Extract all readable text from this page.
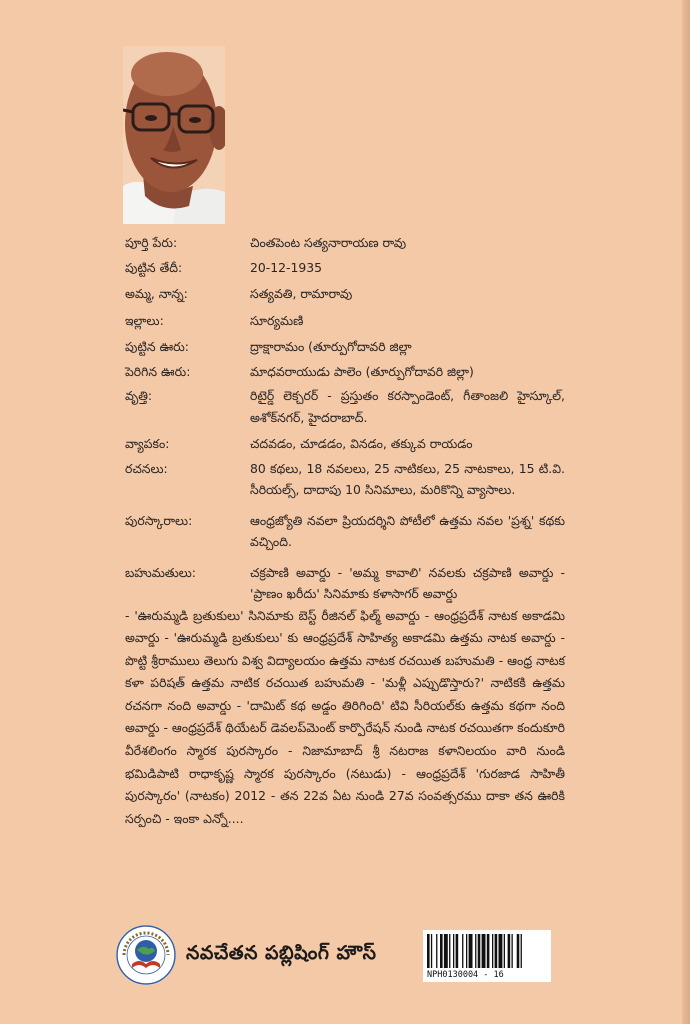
పూర్తి పేరు:	చింతపెంట సత్యనారాయణ రావు
పుట్టిన తేదీ:	20-12-1935
అమ్మ, నాన్న:	సత్యవతి, రామారావు
ఇల్లాలు:	సూర్యమణి
పుట్టిన ఊరు:	ద్రాక్షారామం (తూర్పుగోదావరి జిల్లా
పెరిగిన ఊరు:	మాధవరాయుడు పాలెం (తూర్పుగోదావరి జిల్లా)
వృత్తి:	రిటైర్డ్ లెక్చరర్ - ప్రస్తుతం కరస్పాండెంట్, గీతాంజలి హైస్కూల్, అశోక్‌నగర్, హైదరాబాద్.
వ్యాపకం:	చదవడం, చూడడం, వినడం, తక్కువ రాయడం
రచనలు:	80 కథలు, 18 నవలలు, 25 నాటికలు, 25 నాటకాలు, 15 టి.వి. సీరియల్స్, దాదాపు 10 సినిమాలు, మరికొన్ని వ్యాసాలు.
పురస్కారాలు:	ఆంధ్రజ్యోతి నవలా ప్రియదర్శిని పోటీలో ఉత్తమ నవల 'ప్రశ్న' కథకు వచ్చింది.
బహుమతులు:	చక్రపాణి అవార్డు - 'అమ్మ కావాలి' నవలకు చక్రపాణి అవార్డు - 'ప్రాణం ఖరీదు' సినిమాకు కళాసాగర్ అవార్డు
- 'ఊరుమ్మడి బ్రతుకులు' సినిమాకు బెస్ట్ రీజినల్ ఫిల్మ్ అవార్డు - ఆంధ్రప్రదేశ్ నాటక అకాడమి అవార్డు - 'ఊరుమ్మడి బ్రతుకులు' కు ఆంధ్రప్రదేశ్ సాహిత్య అకాడమి ఉత్తమ నాటక అవార్డు - పొట్టి శ్రీరాములు తెలుగు విశ్వ విద్యాలయం ఉత్తమ నాటక రచయిత బహుమతి - ఆంధ్ర నాటక కళా పరిషత్ ఉత్తమ నాటిక రచయిత బహుమతి - 'మళ్లీ ఎప్పుడొస్తారు?' నాటికకి ఉత్తమ రచనగా నంది అవార్డు - 'దామిట్ కథ అడ్డం తిరిగింది' టివి సీరియల్‌కు ఉత్తమ కథగా నంది అవార్డు - ఆంధ్రప్రదేశ్ థియేటర్ డెవలప్‌మెంట్ కార్పొరేషన్ నుండి నాటక రచయితగా కందుకూరి వీరేశలింగం స్మారక పురస్కారం - నిజామాబాద్ శ్రీ నటరాజ కళానిలయం వారి నుండి భమిడిపాటి రాధాకృష్ణ స్మారక పురస్కారం (నటుడు) - ఆంధ్రప్రదేశ్ 'గురజాడ సాహితీ పురస్కారం' (నాటకం) 2012 - తన 22వ ఏట నుండి 27వ సంవత్సరము దాకా తన ఊరికి సర్పంచి - ఇంకా ఎన్నో....
నవచేతన పబ్లిషింగ్ హౌస్
NPH0130004 - 16
